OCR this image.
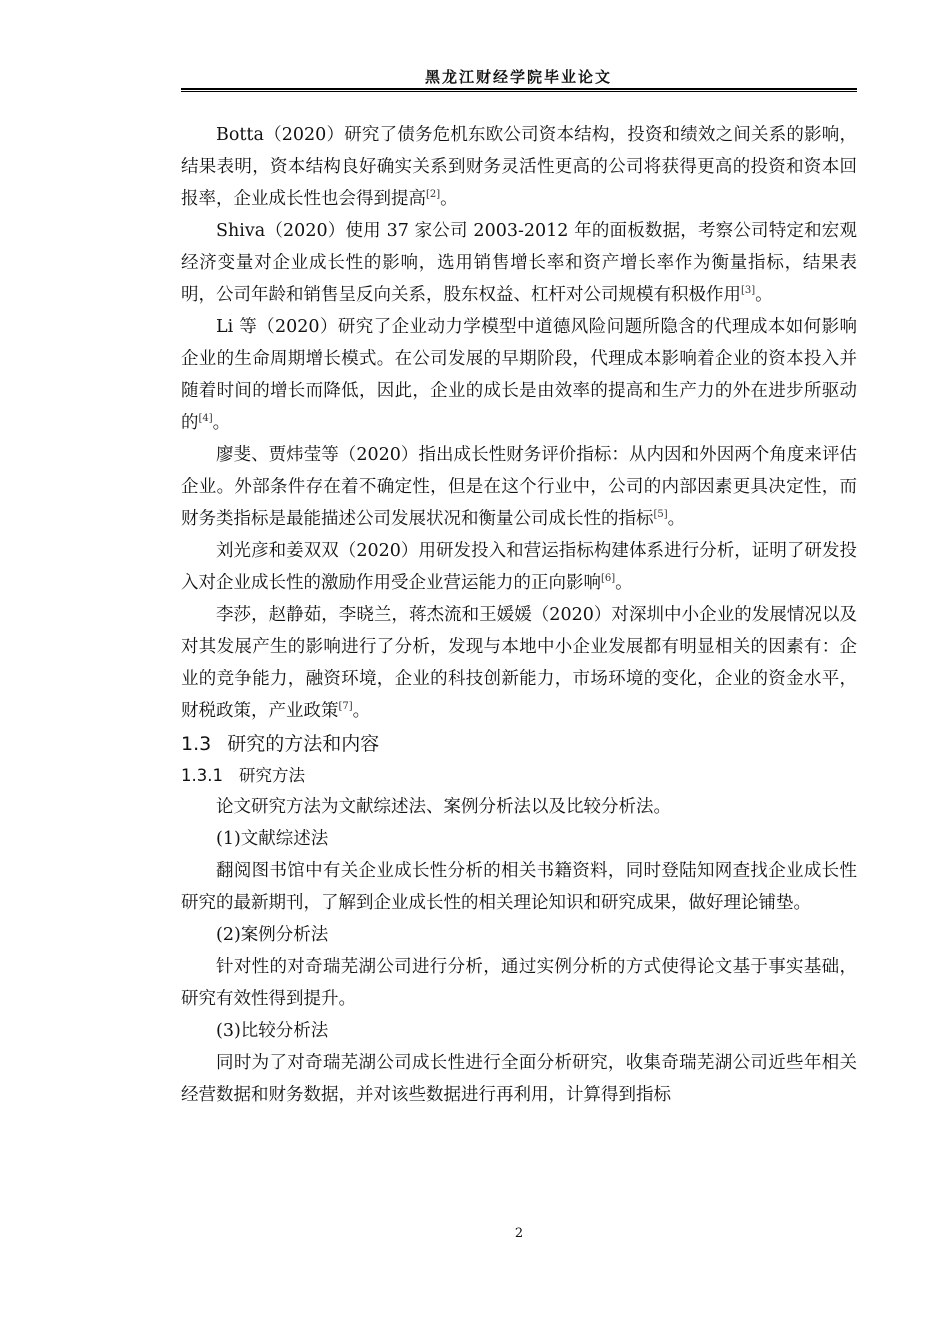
黑龙江财经学院毕业论文

Botta（2020）研究了债务危机东欧公司资本结构，投资和绩效之间关系的影响，结果表明，资本结构良好确实关系到财务灵活性更高的公司将获得更高的投资和资本回报率，企业成长性也会得到提高[2]。

Shiva（2020）使用 37 家公司 2003-2012 年的面板数据，考察公司特定和宏观经济变量对企业成长性的影响，选用销售增长率和资产增长率作为衡量指标，结果表明，公司年龄和销售呈反向关系，股东权益、杠杆对公司规模有积极作用[3]。

Li 等（2020）研究了企业动力学模型中道德风险问题所隐含的代理成本如何影响企业的生命周期增长模式。在公司发展的早期阶段，代理成本影响着企业的资本投入并随着时间的增长而降低，因此，企业的成长是由效率的提高和生产力的外在进步所驱动的[4]。

廖斐、贾炜莹等（2020）指出成长性财务评价指标：从内因和外因两个角度来评估企业。外部条件存在着不确定性，但是在这个行业中，公司的内部因素更具决定性，而财务类指标是最能描述公司发展状况和衡量公司成长性的指标[5]。

刘光彦和姜双双（2020）用研发投入和营运指标构建体系进行分析，证明了研发投入对企业成长性的激励作用受企业营运能力的正向影响[6]。

李莎，赵静茹，李晓兰，蒋杰流和王媛媛（2020）对深圳中小企业的发展情况以及对其发展产生的影响进行了分析，发现与本地中小企业发展都有明显相关的因素有：企业的竞争能力，融资环境，企业的科技创新能力，市场环境的变化，企业的资金水平，财税政策，产业政策[7]。

1.3 研究的方法和内容
1.3.1 研究方法

论文研究方法为文献综述法、案例分析法以及比较分析法。

(1)文献综述法

翻阅图书馆中有关企业成长性分析的相关书籍资料，同时登陆知网查找企业成长性研究的最新期刊，了解到企业成长性的相关理论知识和研究成果，做好理论铺垫。

(2)案例分析法

针对性的对奇瑞芜湖公司进行分析，通过实例分析的方式使得论文基于事实基础，研究有效性得到提升。

(3)比较分析法

同时为了对奇瑞芜湖公司成长性进行全面分析研究，收集奇瑞芜湖公司近些年相关经营数据和财务数据，并对该些数据进行再利用，计算得到指标

2
